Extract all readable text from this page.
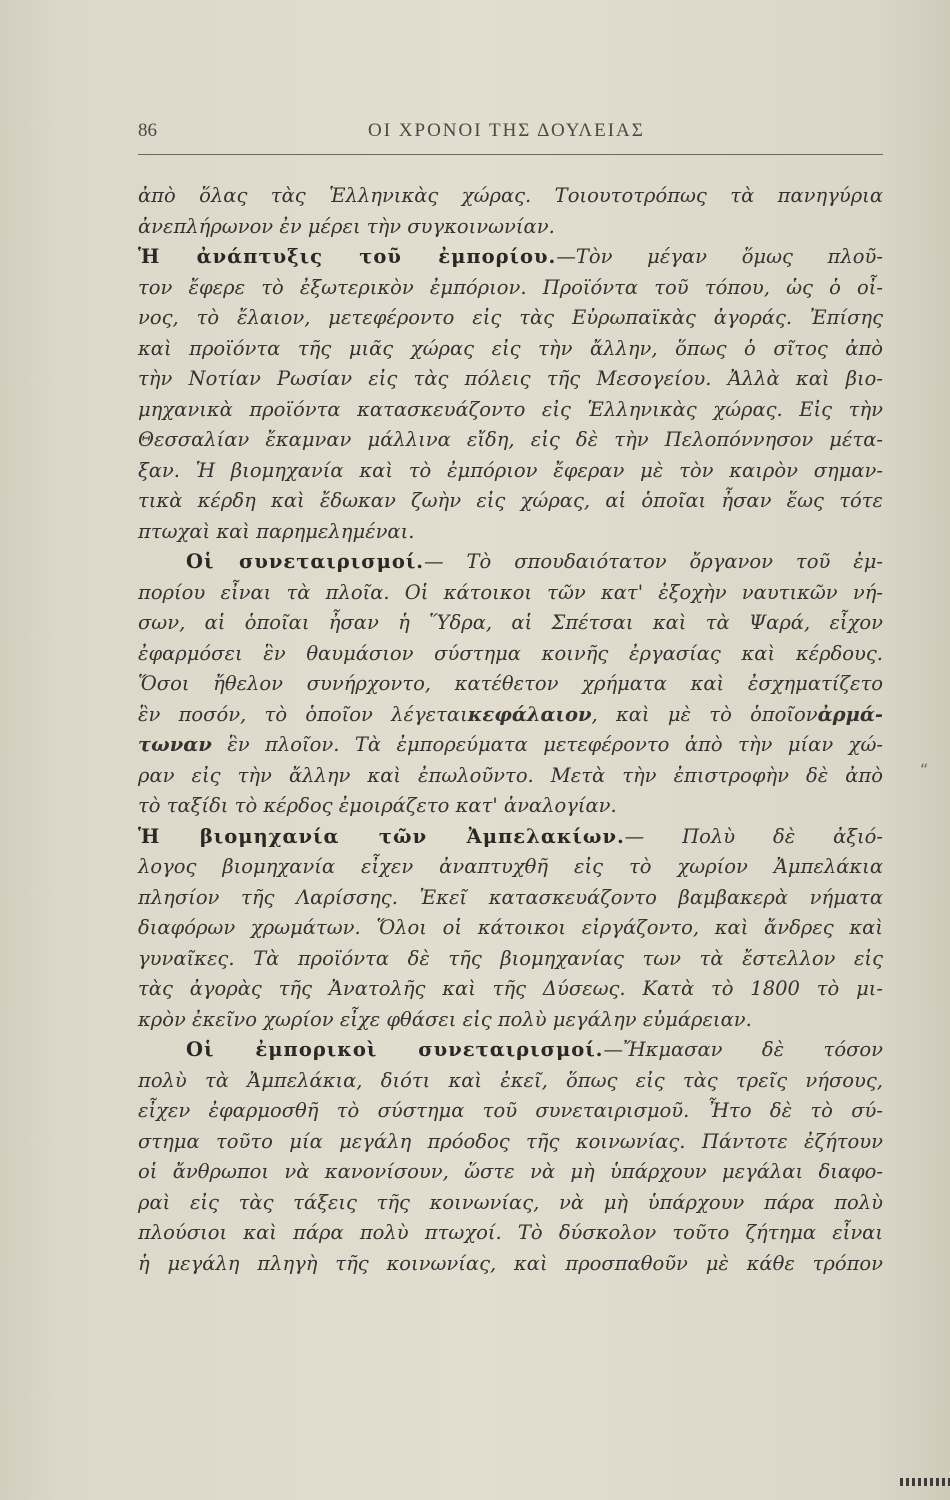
86	ΟΙ ΧΡΟΝΟΙ ΤΗΣ ΔΟΥΛΕΙΑΣ
ἀπὸ ὅλας τὰς Ἑλληνικὰς χώρας. Τοιουτοτρόπως τὰ πανηγύρια
ἀνεπλήρωνον ἐν μέρει τὴν συγκοινωνίαν.
Ἡ ἀνάπτυξις τοῦ ἐμπορίου.—Τὸν μέγαν ὅμως πλοῦ-
τον ἔφερε τὸ ἐξωτερικὸν ἐμπόριον. Προϊόντα τοῦ τόπου, ὡς ὁ οἶ-
νος, τὸ ἔλαιον, μετεφέροντο εἰς τὰς Εὐρωπαϊκὰς ἀγοράς. Ἐπίσης
καὶ προϊόντα τῆς μιᾶς χώρας εἰς τὴν ἄλλην, ὅπως ὁ σῖτος ἀπὸ
τὴν Νοτίαν Ρωσίαν εἰς τὰς πόλεις τῆς Μεσογείου. Ἀλλὰ καὶ βιο-
μηχανικὰ προϊόντα κατασκευάζοντο εἰς Ἑλληνικὰς χώρας. Εἰς τὴν
Θεσσαλίαν ἔκαμναν μάλλινα εἴδη, εἰς δὲ τὴν Πελοπόννησον μέτα-
ξαν. Ἡ βιομηχανία καὶ τὸ ἐμπόριον ἔφεραν μὲ τὸν καιρὸν σημαν-
τικὰ κέρδη καὶ ἔδωκαν ζωὴν εἰς χώρας, αἱ ὁποῖαι ἦσαν ἕως τότε
πτωχαὶ καὶ παρημελημέναι.
Οἱ συνεταιρισμοί.— Τὸ σπουδαιότατον ὄργανον τοῦ ἐμ-
πορίου εἶναι τὰ πλοῖα. Οἱ κάτοικοι τῶν κατ' ἐξοχὴν ναυτικῶν νή-
σων, αἱ ὁποῖαι ἦσαν ἡ Ὕδρα, αἱ Σπέτσαι καὶ τὰ Ψαρά, εἶχον
ἐφαρμόσει ἓν θαυμάσιον σύστημα κοινῆς ἐργασίας καὶ κέρδους.
Ὅσοι ἤθελον συνήρχοντο, κατέθετον χρήματα καὶ ἐσχηματίζετο
ἓν ποσόν, τὸ ὁποῖον λέγεταικεφάλαιον, καὶ μὲ τὸ ὁποῖονἀρμά-
τωναν ἓν πλοῖον. Τὰ ἐμπορεύματα μετεφέροντο ἀπὸ τὴν μίαν χώ-
ραν εἰς τὴν ἄλλην καὶ ἐπωλοῦντο. Μετὰ τὴν ἐπιστροφὴν δὲ ἀπὸ
τὸ ταξίδι τὸ κέρδος ἐμοιράζετο κατ' ἀναλογίαν.
Ἡ βιομηχανία τῶν Ἀμπελακίων.— Πολὺ δὲ ἀξιό-
λογος βιομηχανία εἶχεν ἀναπτυχθῆ εἰς τὸ χωρίον Ἀμπελάκια
πλησίον τῆς Λαρίσσης. Ἐκεῖ κατασκευάζοντο βαμβακερὰ νήματα
διαφόρων χρωμάτων. Ὅλοι οἱ κάτοικοι εἰργάζοντο, καὶ ἄνδρες καὶ
γυναῖκες. Τὰ προϊόντα δὲ τῆς βιομηχανίας των τὰ ἔστελλον εἰς
τὰς ἀγορὰς τῆς Ἀνατολῆς καὶ τῆς Δύσεως. Κατὰ τὸ 1800 τὸ μι-
κρὸν ἐκεῖνο χωρίον εἶχε φθάσει εἰς πολὺ μεγάλην εὐμάρειαν.
Οἱ ἐμπορικοὶ συνεταιρισμοί.—Ἤκμασαν δὲ τόσον
πολὺ τὰ Ἀμπελάκια, διότι καὶ ἐκεῖ, ὅπως εἰς τὰς τρεῖς νήσους,
εἶχεν ἐφαρμοσθῆ τὸ σύστημα τοῦ συνεταιρισμοῦ. Ἦτο δὲ τὸ σύ-
στημα τοῦτο μία μεγάλη πρόοδος τῆς κοινωνίας. Πάντοτε ἐζήτουν
οἱ ἄνθρωποι νὰ κανονίσουν, ὥστε νὰ μὴ ὑπάρχουν μεγάλαι διαφο-
ραὶ εἰς τὰς τάξεις τῆς κοινωνίας, νὰ μὴ ὑπάρχουν πάρα πολὺ
πλούσιοι καὶ πάρα πολὺ πτωχοί. Τὸ δύσκολον τοῦτο ζήτημα εἶναι
ἡ μεγάλη πληγὴ τῆς κοινωνίας, καὶ προσπαθοῦν μὲ κάθε τρόπον
“
